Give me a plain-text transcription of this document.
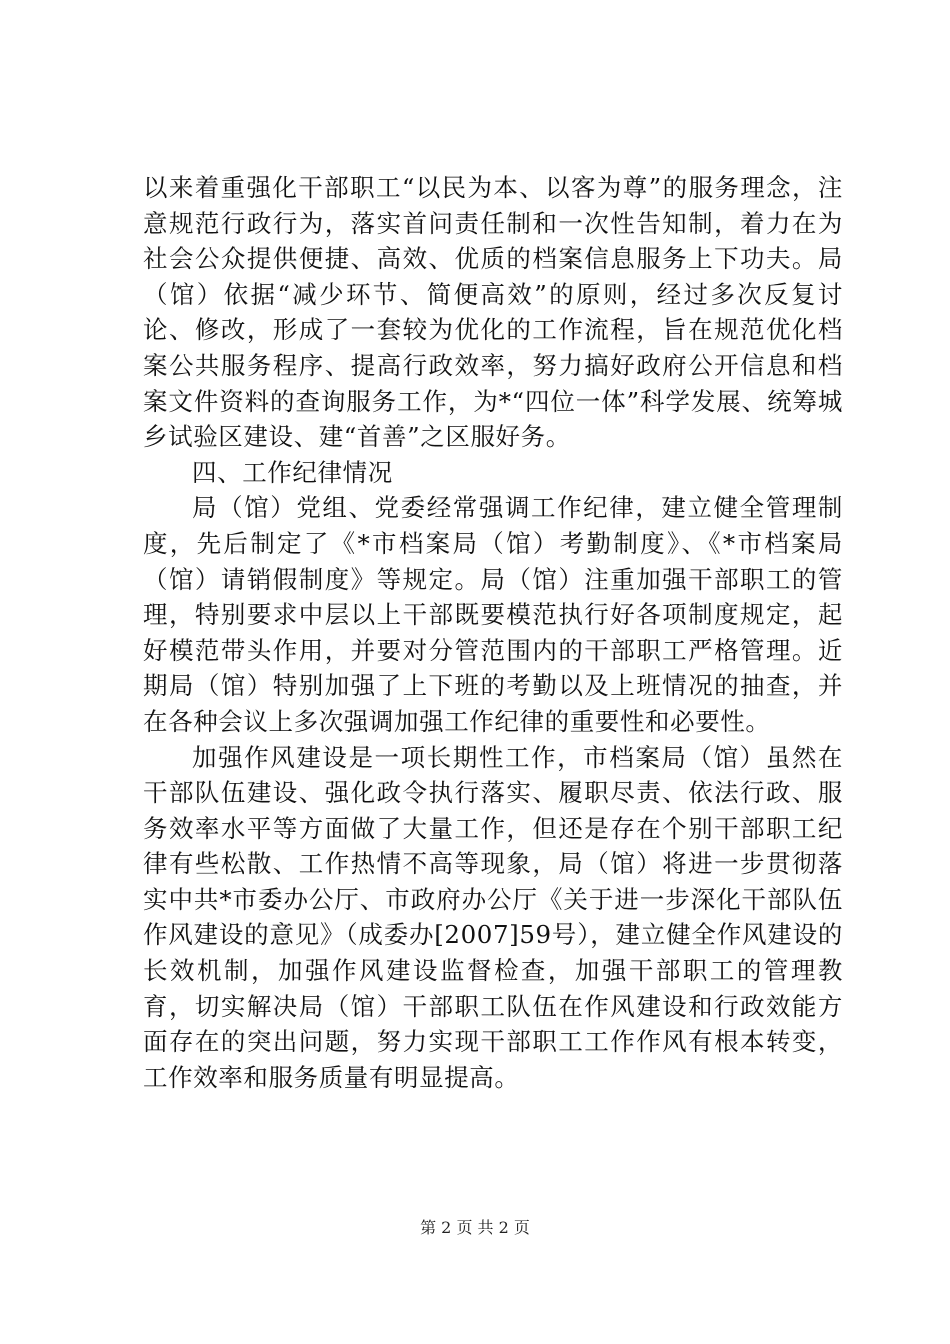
以来着重强化干部职工“以民为本、以客为尊”的服务理念，注意规范行政行为，落实首问责任制和一次性告知制，着力在为社会公众提供便捷、高效、优质的档案信息服务上下功夫。局（馆）依据“减少环节、简便高效”的原则，经过多次反复讨论、修改，形成了一套较为优化的工作流程，旨在规范优化档案公共服务程序、提高行政效率，努力搞好政府公开信息和档案文件资料的查询服务工作，为*“四位一体”科学发展、统筹城乡试验区建设、建“首善”之区服好务。

四、工作纪律情况

局（馆）党组、党委经常强调工作纪律，建立健全管理制度，先后制定了《*市档案局（馆）考勤制度》、《*市档案局（馆）请销假制度》等规定。局（馆）注重加强干部职工的管理，特别要求中层以上干部既要模范执行好各项制度规定，起好模范带头作用，并要对分管范围内的干部职工严格管理。近期局（馆）特别加强了上下班的考勤以及上班情况的抽查，并在各种会议上多次强调加强工作纪律的重要性和必要性。

加强作风建设是一项长期性工作，市档案局（馆）虽然在干部队伍建设、强化政令执行落实、履职尽责、依法行政、服务效率水平等方面做了大量工作，但还是存在个别干部职工纪律有些松散、工作热情不高等现象，局（馆）将进一步贯彻落实中共*市委办公厅、市政府办公厅《关于进一步深化干部队伍作风建设的意见》（成委办[2007]59号），建立健全作风建设的长效机制，加强作风建设监督检查，加强干部职工的管理教育，切实解决局（馆）干部职工队伍在作风建设和行政效能方面存在的突出问题，努力实现干部职工工作作风有根本转变，工作效率和服务质量有明显提高。

第 2 页 共 2 页
